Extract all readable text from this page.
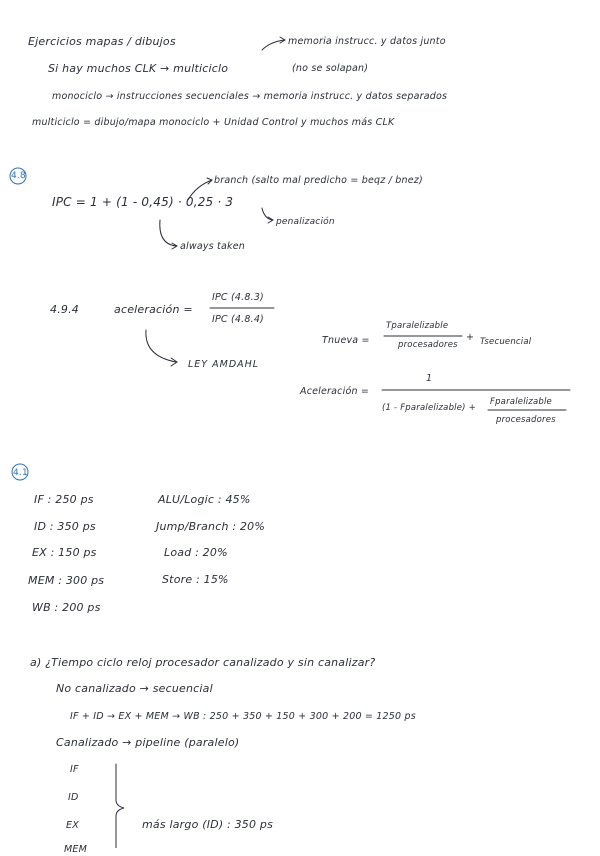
Ejercicios mapas / dibujos	memoria instrucc. y datos junto
Si hay muchos CLK → multiciclo	(no se solapan)
monociclo → instrucciones secuenciales → memoria instrucc. y datos separados
multiciclo = dibujo/mapa monociclo + Unidad Control y muchos más CLK
4.8	branch (salto mal predicho = beqz / bnez)
IPC = 1 + (1 - 0,45) · 0,25 · 3
penalización
always taken
4.9.4	aceleración =
IPC (4.8.3)
IPC (4.8.4)
LEY AMDAHL
Tnueva =
Tparalelizable
procesadores
+ Tsecuencial
Aceleración =
1
(1 - Fparalelizable) +
Fparalelizable
procesadores
4.1
IF : 250 ps
ID : 350 ps
EX : 150 ps
MEM : 300 ps
WB : 200 ps
ALU/Logic : 45%
Jump/Branch : 20%
Load : 20%
Store : 15%
a) ¿Tiempo ciclo reloj procesador canalizado y sin canalizar?
No canalizado → secuencial
IF + ID → EX + MEM → WB : 250 + 350 + 150 + 300 + 200 = 1250 ps
Canalizado → pipeline (paralelo)
IF
ID
EX
MEM
más largo (ID) : 350 ps
